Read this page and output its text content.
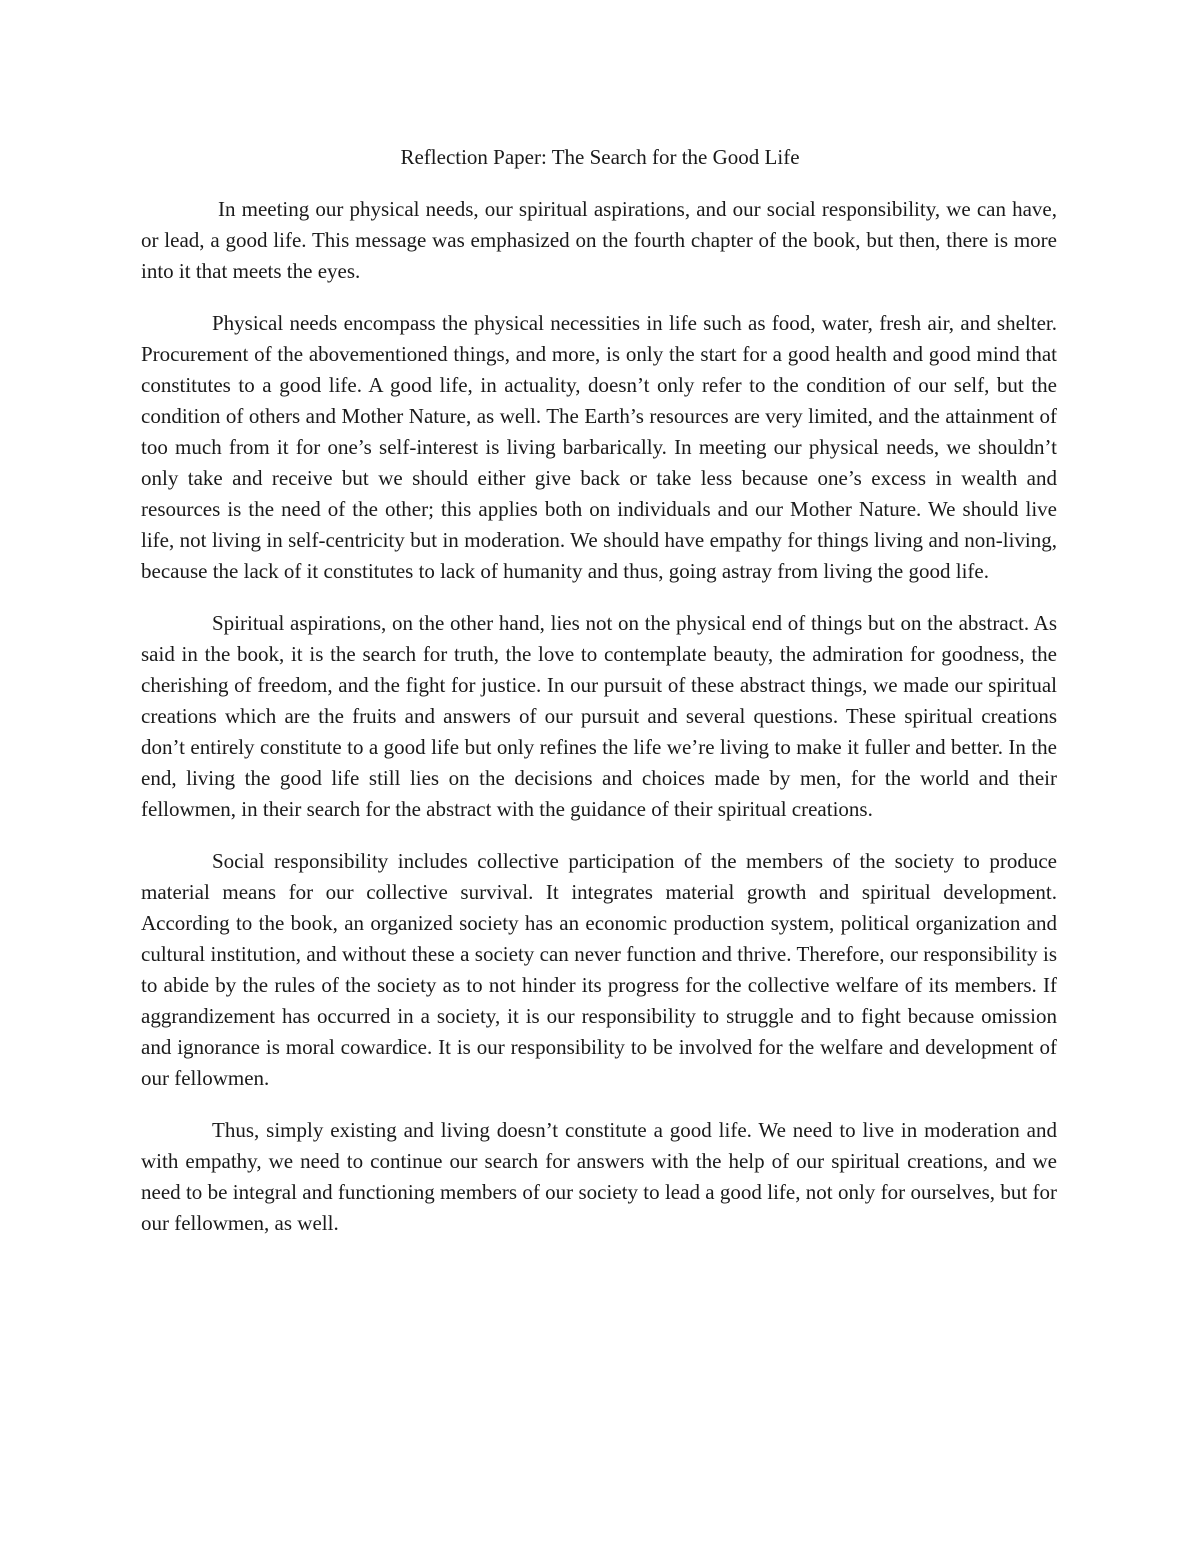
Reflection Paper: The Search for the Good Life

In meeting our physical needs, our spiritual aspirations, and our social responsibility, we can have, or lead, a good life. This message was emphasized on the fourth chapter of the book, but then, there is more into it that meets the eyes.

Physical needs encompass the physical necessities in life such as food, water, fresh air, and shelter. Procurement of the abovementioned things, and more, is only the start for a good health and good mind that constitutes to a good life. A good life, in actuality, doesn’t only refer to the condition of our self, but the condition of others and Mother Nature, as well. The Earth’s resources are very limited, and the attainment of too much from it for one’s self-interest is living barbarically. In meeting our physical needs, we shouldn’t only take and receive but we should either give back or take less because one’s excess in wealth and resources is the need of the other; this applies both on individuals and our Mother Nature. We should live life, not living in self-centricity but in moderation. We should have empathy for things living and non-living, because the lack of it constitutes to lack of humanity and thus, going astray from living the good life.

Spiritual aspirations, on the other hand, lies not on the physical end of things but on the abstract. As said in the book, it is the search for truth, the love to contemplate beauty, the admiration for goodness, the cherishing of freedom, and the fight for justice. In our pursuit of these abstract things, we made our spiritual creations which are the fruits and answers of our pursuit and several questions. These spiritual creations don’t entirely constitute to a good life but only refines the life we’re living to make it fuller and better. In the end, living the good life still lies on the decisions and choices made by men, for the world and their fellowmen, in their search for the abstract with the guidance of their spiritual creations.

Social responsibility includes collective participation of the members of the society to produce material means for our collective survival. It integrates material growth and spiritual development. According to the book, an organized society has an economic production system, political organization and cultural institution, and without these a society can never function and thrive. Therefore, our responsibility is to abide by the rules of the society as to not hinder its progress for the collective welfare of its members. If aggrandizement has occurred in a society, it is our responsibility to struggle and to fight because omission and ignorance is moral cowardice. It is our responsibility to be involved for the welfare and development of our fellowmen.

Thus, simply existing and living doesn’t constitute a good life. We need to live in moderation and with empathy, we need to continue our search for answers with the help of our spiritual creations, and we need to be integral and functioning members of our society to lead a good life, not only for ourselves, but for our fellowmen, as well.
